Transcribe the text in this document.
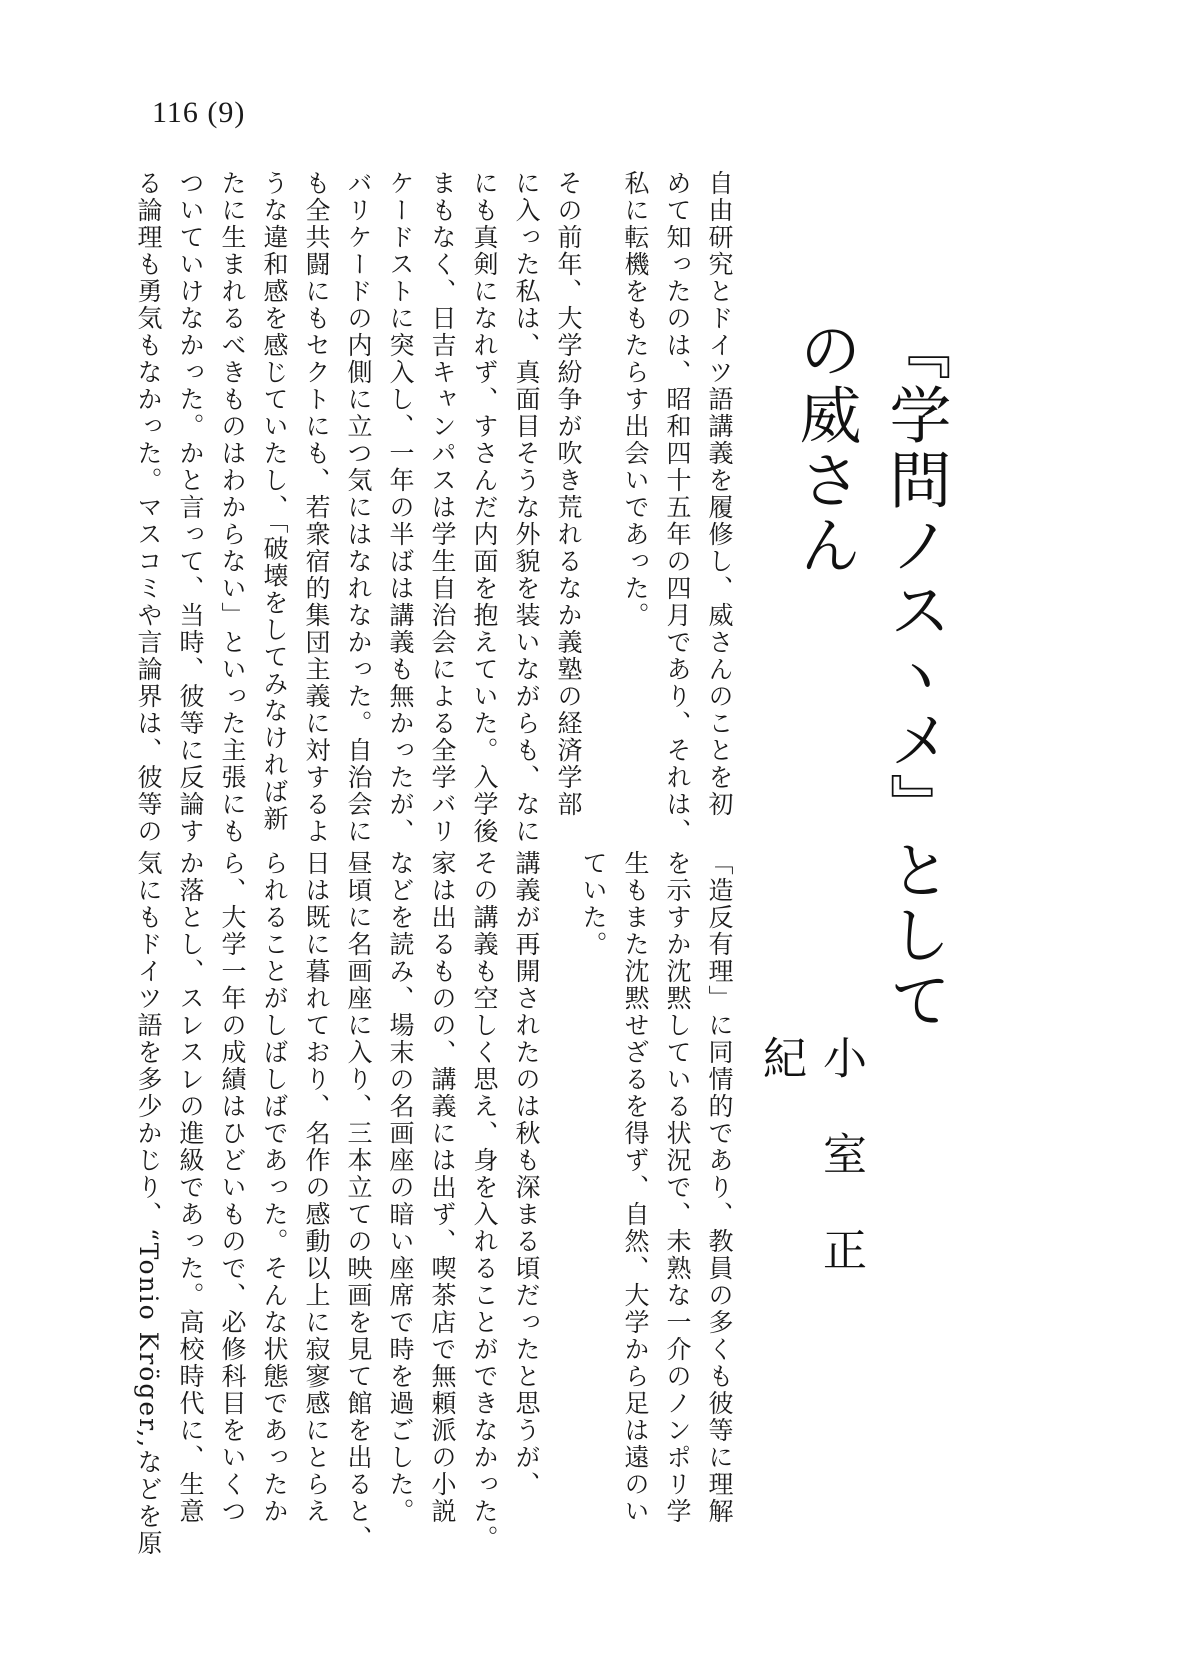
116 (9)
『学問ノスヽメ』としての威さん
小室正紀
自由研究とドイツ語講義を履修し、威さんのことを初
めて知ったのは、昭和四十五年の四月であり、それは、
私に転機をもたらす出会いであった。
その前年、大学紛争が吹き荒れるなか義塾の経済学部
に入った私は、真面目そうな外貌を装いながらも、なに
にも真剣になれず、すさんだ内面を抱えていた。入学後
まもなく、日吉キャンパスは学生自治会による全学バリ
ケードストに突入し、一年の半ばは講義も無かったが、
バリケードの内側に立つ気にはなれなかった。自治会に
も全共闘にもセクトにも、若衆宿的集団主義に対するよ
うな違和感を感じていたし、「破壊をしてみなければ新
たに生まれるべきものはわからない」といった主張にも
ついていけなかった。かと言って、当時、彼等に反論す
る論理も勇気もなかった。マスコミや言論界は、彼等の
「造反有理」に同情的であり、教員の多くも彼等に理解
を示すか沈黙している状況で、未熟な一介のノンポリ学
生もまた沈黙せざるを得ず、自然、大学から足は遠のい
ていた。
講義が再開されたのは秋も深まる頃だったと思うが、
その講義も空しく思え、身を入れることができなかった。
家は出るものの、講義には出ず、喫茶店で無頼派の小説
などを読み、場末の名画座の暗い座席で時を過ごした。
昼頃に名画座に入り、三本立ての映画を見て館を出ると、
日は既に暮れており、名作の感動以上に寂寥感にとらえ
られることがしばしばであった。そんな状態であったか
ら、大学一年の成績はひどいもので、必修科目をいくつ
か落とし、スレスレの進級であった。高校時代に、生意
気にもドイツ語を多少かじり、“Tonio Kröger,,などを原
